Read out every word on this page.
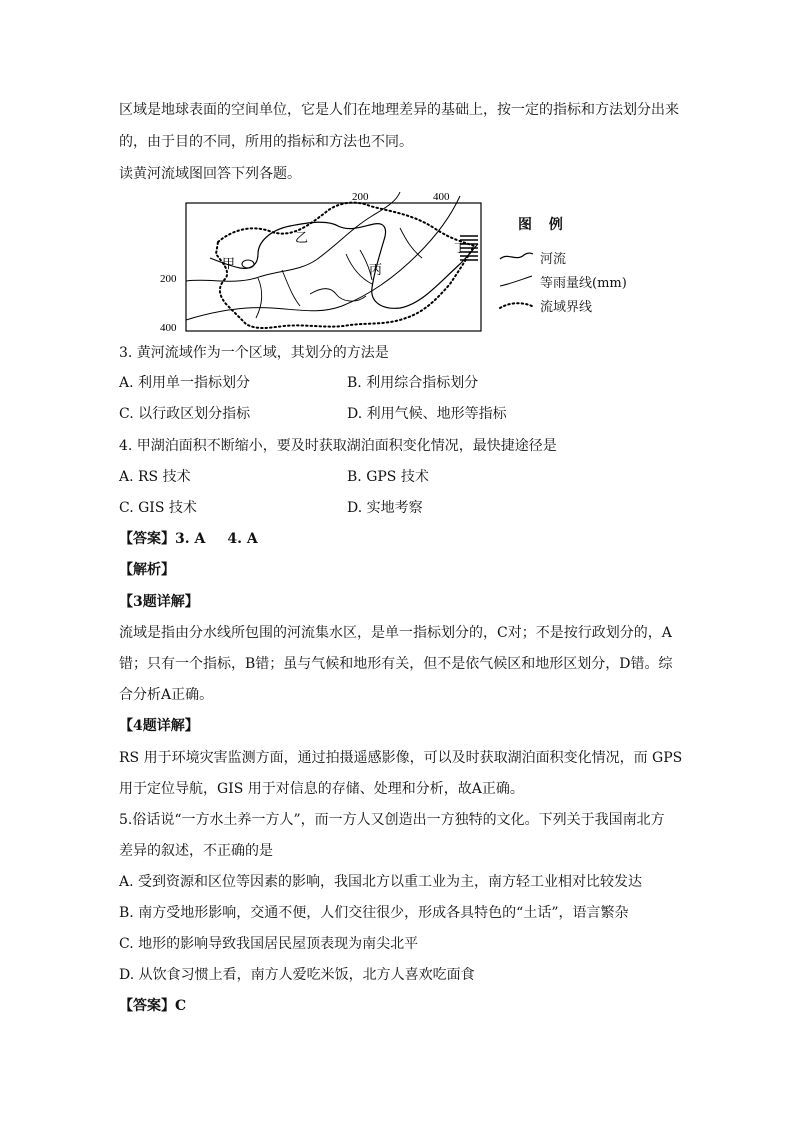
区域是地球表面的空间单位，它是人们在地理差异的基础上，按一定的指标和方法划分出来
的，由于目的不同，所用的指标和方法也不同。
读黄河流域图回答下列各题。
200	400
200
400
甲
乙
丙
丁
图 例
河流
等雨量线(mm)
流域界线
3. 黄河流域作为一个区域，其划分的方法是
A. 利用单一指标划分	B. 利用综合指标划分
C. 以行政区划分指标	D. 利用气候、地形等指标
4. 甲湖泊面积不断缩小，要及时获取湖泊面积变化情况，最快捷途径是
A. RS 技术	B. GPS 技术
C. GIS 技术	D. 实地考察
【答案】3. A 4. A
【解析】
【3题详解】
流域是指由分水线所包围的河流集水区，是单一指标划分的，C对；不是按行政划分的，A
错；只有一个指标，B错；虽与气候和地形有关，但不是依气候区和地形区划分，D错。综
合分析A正确。
【4题详解】
RS 用于环境灾害监测方面，通过拍摄遥感影像，可以及时获取湖泊面积变化情况，而 GPS
用于定位导航，GIS 用于对信息的存储、处理和分析，故A正确。
5.俗话说“一方水土养一方人”，而一方人又创造出一方独特的文化。下列关于我国南北方
差异的叙述，不正确的是
A. 受到资源和区位等因素的影响，我国北方以重工业为主，南方轻工业相对比较发达
B. 南方受地形影响，交通不便，人们交往很少，形成各具特色的“土话”，语言繁杂
C. 地形的影响导致我国居民屋顶表现为南尖北平
D. 从饮食习惯上看，南方人爱吃米饭，北方人喜欢吃面食
【答案】C
